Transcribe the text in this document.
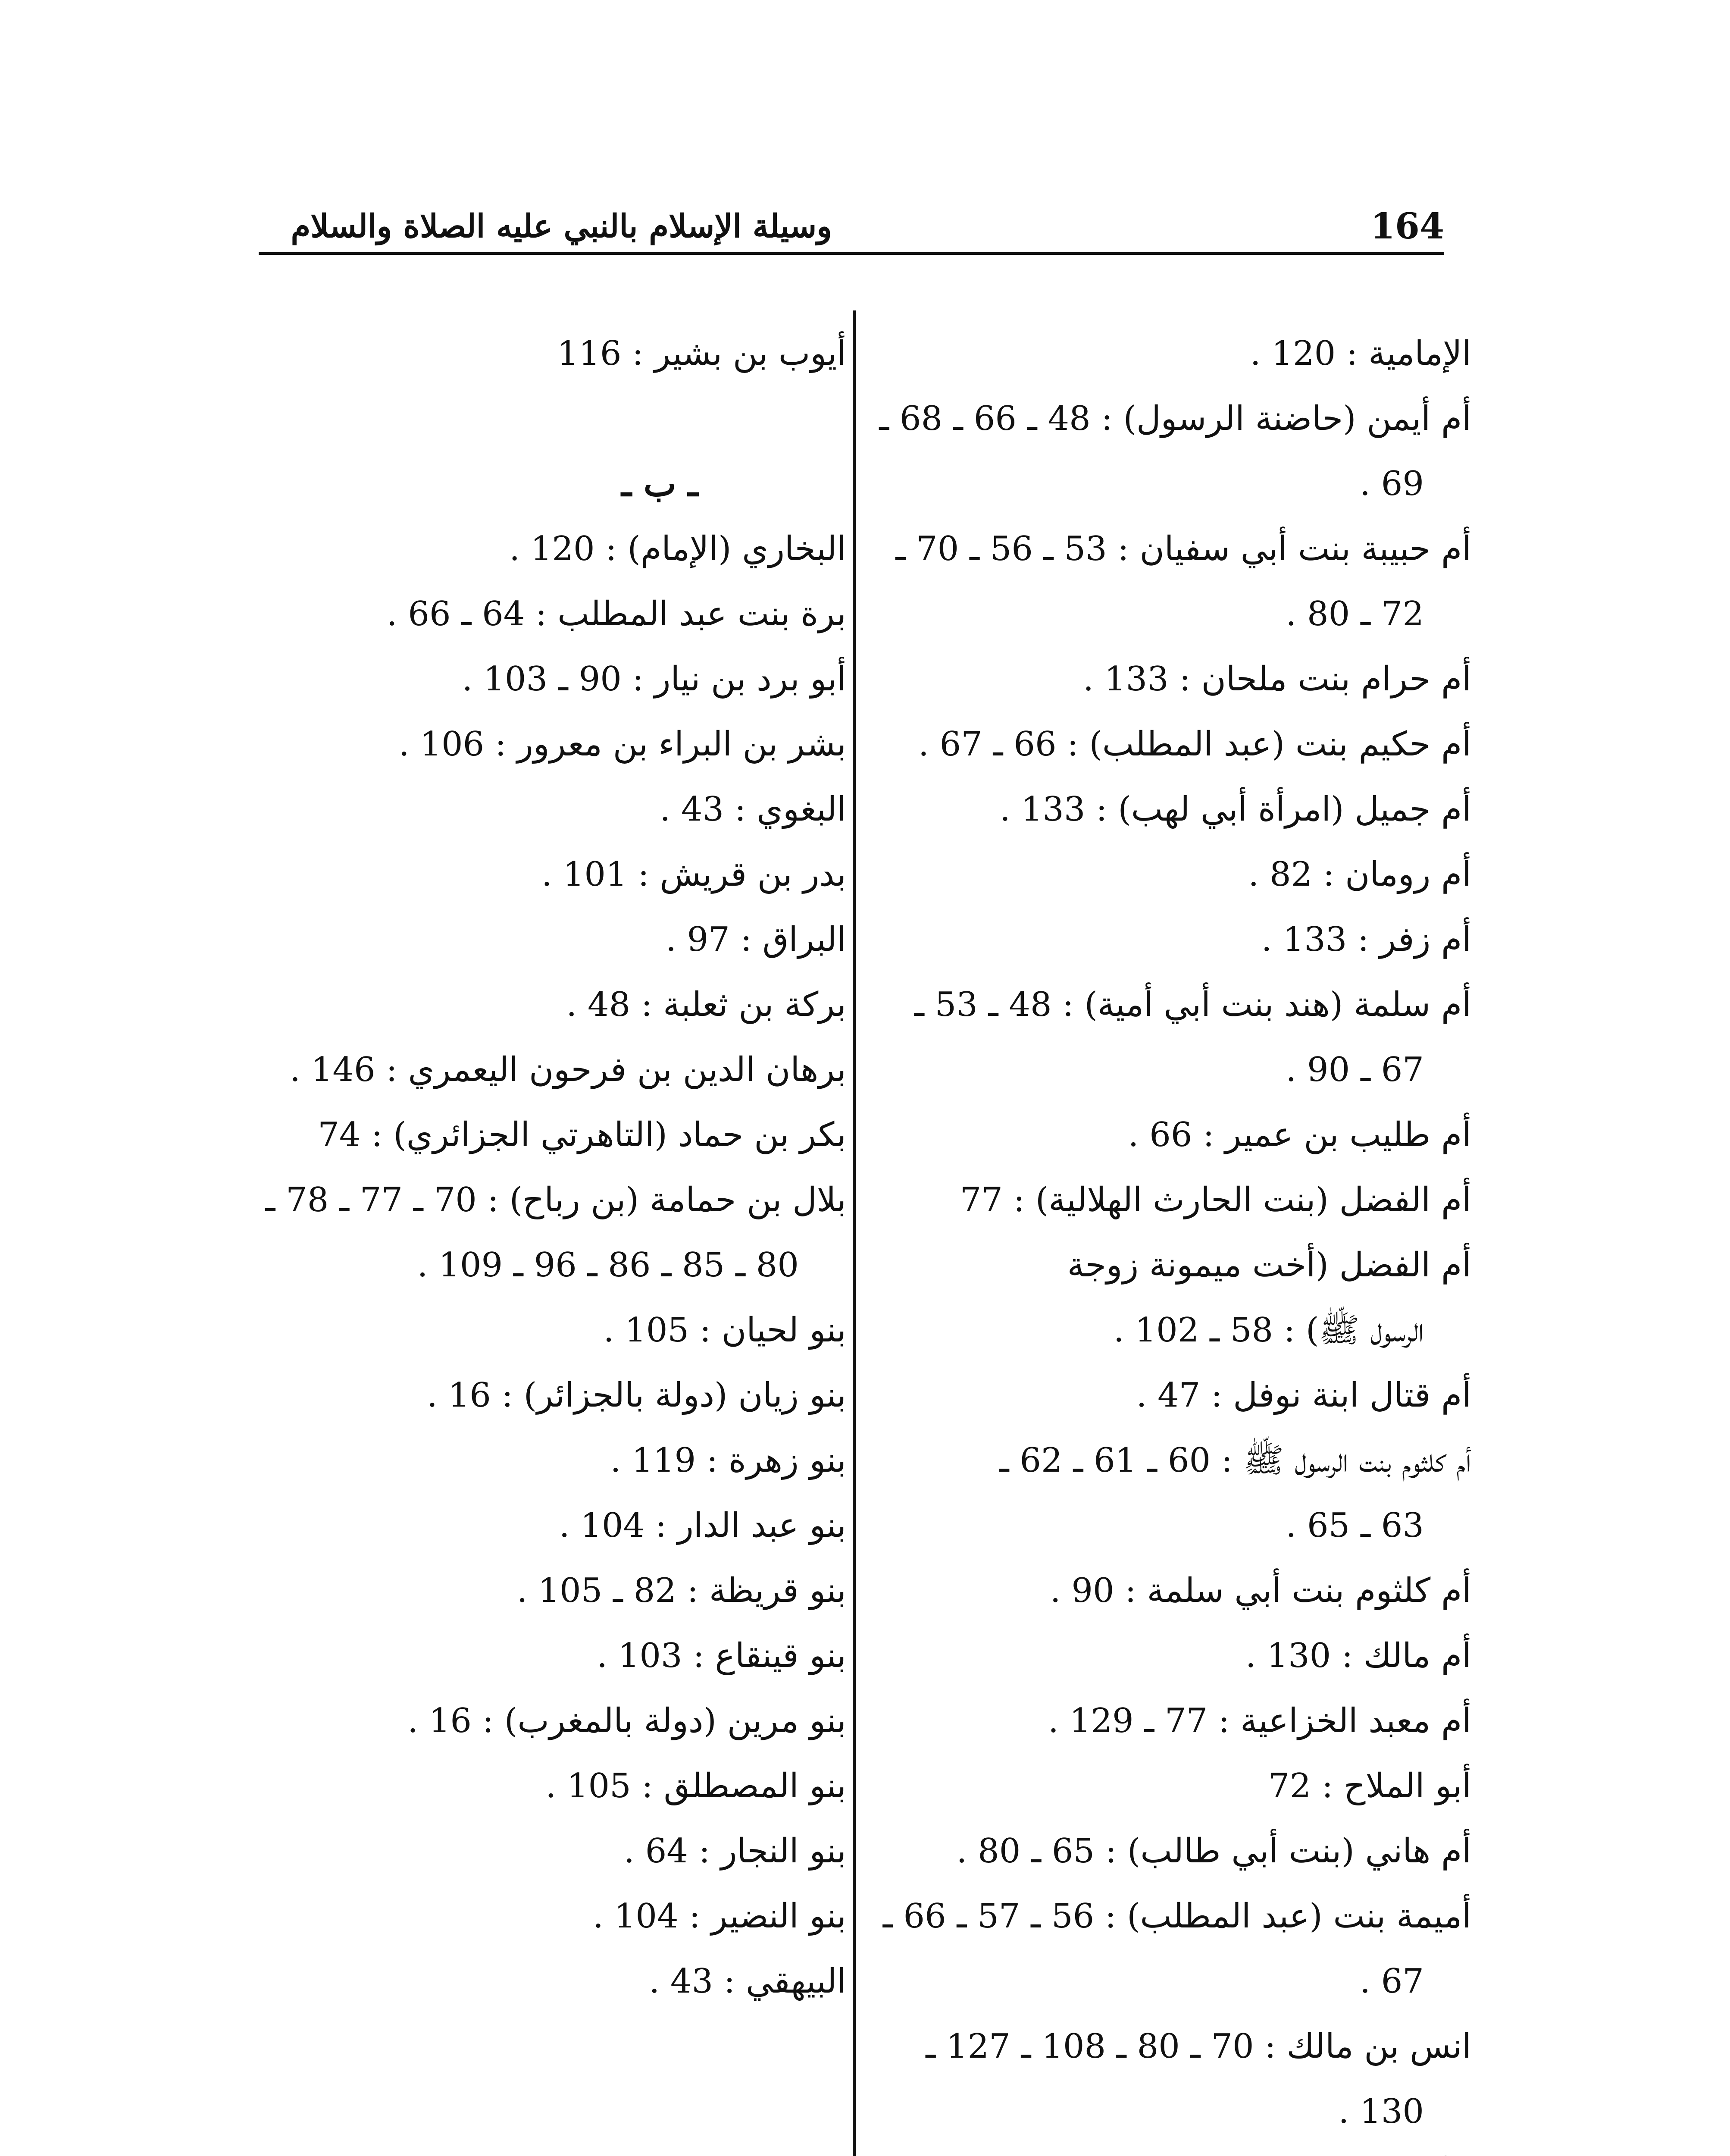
وسيلة الإسلام بالنبي عليه الصلاة والسلام	164
الإمامية : 120 .
أم أيمن (حاضنة الرسول) : 48 ـ 66 ـ 68 ـ
69 .
أم حبيبة بنت أبي سفيان : 53 ـ 56 ـ 70 ـ
72 ـ 80 .
أم حرام بنت ملحان : 133 .
أم حكيم بنت (عبد المطلب) : 66 ـ 67 .
أم جميل (امرأة أبي لهب) : 133 .
أم رومان : 82 .
أم زفر : 133 .
أم سلمة (هند بنت أبي أمية) : 48 ـ 53 ـ
67 ـ 90 .
أم طليب بن عمير : 66 .
أم الفضل (بنت الحارث الهلالية) : 77
أم الفضل (أخت ميمونة زوجة
الرسول ﷺ) : 58 ـ 102 .
أم قتال ابنة نوفل : 47 .
أم كلثوم بنت الرسول ﷺ : 60 ـ 61 ـ 62 ـ
63 ـ 65 .
أم كلثوم بنت أبي سلمة : 90 .
أم مالك : 130 .
أم معبد الخزاعية : 77 ـ 129 .
أبو الملاح : 72
أم هاني (بنت أبي طالب) : 65 ـ 80 .
أميمة بنت (عبد المطلب) : 56 ـ 57 ـ 66 ـ
67 .
انس بن مالك : 70 ـ 80 ـ 108 ـ 127 ـ
130 .
أيوب بن بشير : 116
ـ ب ـ
البخاري (الإمام) : 120 .
برة بنت عبد المطلب : 64 ـ 66 .
أبو برد بن نيار : 90 ـ 103 .
بشر بن البراء بن معرور : 106 .
البغوي : 43 .
بدر بن قريش : 101 .
البراق : 97 .
بركة بن ثعلبة : 48 .
برهان الدين بن فرحون اليعمري : 146 .
بكر بن حماد (التاهرتي الجزائري) : 74
بلال بن حمامة (بن رباح) : 70 ـ 77 ـ 78 ـ
80 ـ 85 ـ 86 ـ 96 ـ 109 .
بنو لحيان : 105 .
بنو زيان (دولة بالجزائر) : 16 .
بنو زهرة : 119 .
بنو عبد الدار : 104 .
بنو قريظة : 82 ـ 105 .
بنو قينقاع : 103 .
بنو مرين (دولة بالمغرب) : 16 .
بنو المصطلق : 105 .
بنو النجار : 64 .
بنو النضير : 104 .
البيهقي : 43 .
